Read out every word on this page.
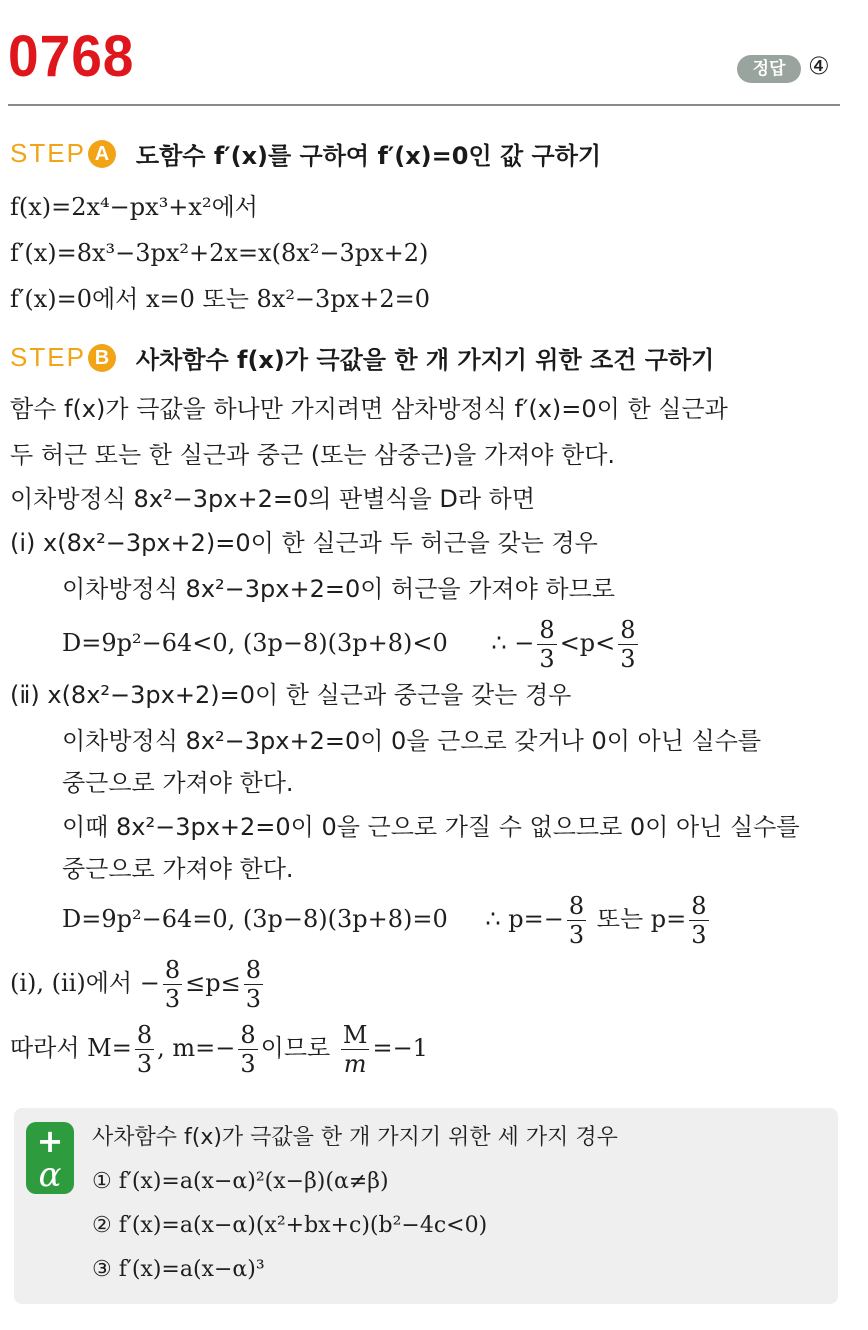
0768	정답 ④
STEP A 도함수 f′(x)를 구하여 f′(x)=0인 값 구하기
f(x)=2x⁴−px³+x²에서
f′(x)=8x³−3px²+2x=x(8x²−3px+2)
f′(x)=0에서 x=0 또는 8x²−3px+2=0
STEP B 사차함수 f(x)가 극값을 한 개 가지기 위한 조건 구하기
함수 f(x)가 극값을 하나만 가지려면 삼차방정식 f′(x)=0이 한 실근과
두 허근 또는 한 실근과 중근 (또는 삼중근)을 가져야 한다.
이차방정식 8x²−3px+2=0의 판별식을 D라 하면
(ⅰ) x(8x²−3px+2)=0이 한 실근과 두 허근을 갖는 경우
이차방정식 8x²−3px+2=0이 허근을 가져야 하므로
D=9p²−64<0, (3p−8)(3p+8)<0 ∴ − $\frac{8}{3} <p< \frac{8}{3}$
(ⅱ) x(8x²−3px+2)=0이 한 실근과 중근을 갖는 경우
이차방정식 8x²−3px+2=0이 0을 근으로 갖거나 0이 아닌 실수를
중근으로 가져야 한다.
이때 8x²−3px+2=0이 0을 근으로 가질 수 없으므로 0이 아닌 실수를
중근으로 가져야 한다.
D=9p²−64=0, (3p−8)(3p+8)=0 ∴ $p=- \frac{8}{3}$ 또는 $p= \frac{8}{3}$
(ⅰ), (ⅱ)에서 − $\frac{8}{3} \le p\le \frac{8}{3}$
따라서 $M= \frac{8}{3}$ , $m=- \frac{8}{3}$ 이므로 $\frac{M}{m} =-1$
+
α
사차함수 f(x)가 극값을 한 개 가지기 위한 세 가지 경우
① f′(x)=a(x−α)²(x−β)(α≠β)
② f′(x)=a(x−α)(x²+bx+c)(b²−4c<0)
③ f′(x)=a(x−α)³
